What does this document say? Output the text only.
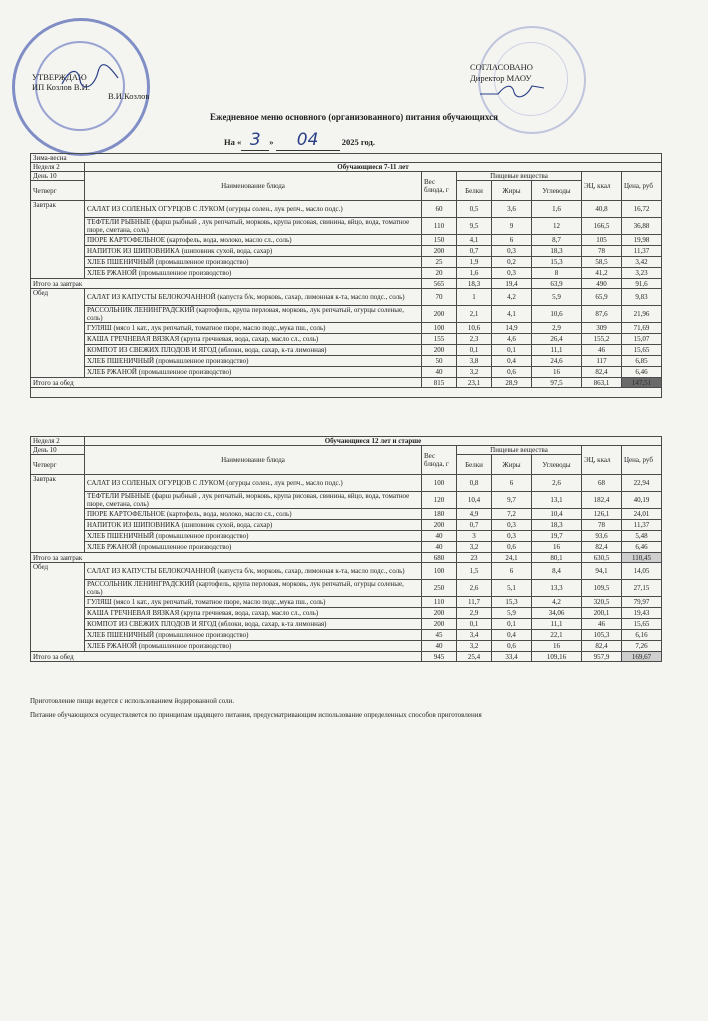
УТВЕРЖДАЮ
ИП Козлов В.И.
В.И.Козлов
СОГЛАСОВАНО
Директор МАОУ
Ежедневное меню основного (организованного) питания обучающихся
На « 3 » 04	2025 год.
Зима-весна							
Неделя 2	Обучающиеся 7-11 лет						
День 10	Наименование блюда	Вес блюда, г	Пищевые вещества			ЭЦ, ккал	Цена, руб
Четверг			Белки	Жиры	Углеводы		

Завтрак	САЛАТ ИЗ СОЛЕНЫХ ОГУРЦОВ С ЛУКОМ (огурцы солен., лук репч., масло подс.)	60	0,5	3,6	1,6	40,8	16,72
	ТЕФТЕЛИ РЫБНЫЕ (фарш рыбный , лук репчатый, морковь, крупа рисовая, свинина, яйцо, вода, томатное пюре, сметана, соль)	110	9,5	9	12	166,5	36,88
	ПЮРЕ КАРТОФЕЛЬНОЕ (картофель, вода, молоко, масло сл., соль)	150	4,1	6	8,7	105	19,98
	НАПИТОК ИЗ ШИПОВНИКА (шиповник сухой, вода, сахар)	200	0,7	0,3	18,3	78	11,37
	ХЛЕБ ПШЕНИЧНЫЙ (промышленное производство)	25	1,9	0,2	15,3	58,5	3,42
	ХЛЕБ РЖАНОЙ (промышленное производство)	20	1,6	0,3	8	41,2	3,23
Итого за завтрак		565	18,3	19,4	63,9	490	91,6
Обед	САЛАТ ИЗ КАПУСТЫ БЕЛОКОЧАННОЙ (капуста б/к, морковь, сахар, лимонная к-та, масло подс., соль)	70	1	4,2	5,9	65,9	9,83
	РАССОЛЬНИК ЛЕНИНГРАДСКИЙ (картофель, крупа перловая, морковь, лук репчатый, огурцы соленые, соль)	200	2,1	4,1	10,6	87,6	21,96
	ГУЛЯШ (мясо 1 кат., лук репчатый, томатное пюре, масло подс.,мука пш., соль)	100	10,6	14,9	2,9	309	71,69
	КАША ГРЕЧНЕВАЯ ВЯЗКАЯ (крупа гречневая, вода, сахар, масло сл., соль)	155	2,3	4,6	26,4	155,2	15,07
	КОМПОТ ИЗ СВЕЖИХ ПЛОДОВ И ЯГОД (яблоки, вода, сахар, к-та лимонная)	200	0,1	0,1	11,1	46	15,65
	ХЛЕБ ПШЕНИЧНЫЙ (промышленное производство)	50	3,8	0,4	24,6	117	6,85
	ХЛЕБ РЖАНОЙ (промышленное производство)	40	3,2	0,6	16	82,4	6,46
Итого за обед		815	23,1	28,9	97,5	863,1	147,51

Неделя 2	Обучающиеся 12 лет и старше						
День 10	Наименование блюда	Вес блюда, г	Пищевые вещества			ЭЦ, ккал	Цена, руб
Четверг			Белки	Жиры	Углеводы		

Завтрак	САЛАТ ИЗ СОЛЕНЫХ ОГУРЦОВ С ЛУКОМ (огурцы солен., лук репч., масло подс.)	100	0,8	6	2,6	68	22,94
	ТЕФТЕЛИ РЫБНЫЕ (фарш рыбный , лук репчатый, морковь, крупа рисовая, свинина, яйцо, вода, томатное пюре, сметана, соль)	120	10,4	9,7	13,1	182,4	40,19
	ПЮРЕ КАРТОФЕЛЬНОЕ (картофель, вода, молоко, масло сл., соль)	180	4,9	7,2	10,4	126,1	24,01
	НАПИТОК ИЗ ШИПОВНИКА (шиповник сухой, вода, сахар)	200	0,7	0,3	18,3	78	11,37
	ХЛЕБ ПШЕНИЧНЫЙ (промышленное производство)	40	3	0,3	19,7	93,6	5,48
	ХЛЕБ РЖАНОЙ (промышленное производство)	40	3,2	0,6	16	82,4	6,46
Итого за завтрак		680	23	24,1	80,1	630,5	110,45
Обед	САЛАТ ИЗ КАПУСТЫ БЕЛОКОЧАННОЙ (капуста б/к, морковь, сахар, лимонная к-та, масло подс., соль)	100	1,5	6	8,4	94,1	14,05
	РАССОЛЬНИК ЛЕНИНГРАДСКИЙ (картофель, крупа перловая, морковь, лук репчатый, огурцы соленые, соль)	250	2,6	5,1	13,3	109,5	27,15
	ГУЛЯШ (мясо 1 кат., лук репчатый, томатное пюре, масло подс.,мука пш., соль)	110	11,7	15,3	4,2	320,5	79,97
	КАША ГРЕЧНЕВАЯ ВЯЗКАЯ (крупа гречневая, вода, сахар, масло сл., соль)	200	2,9	5,9	34,06	200,1	19,43
	КОМПОТ ИЗ СВЕЖИХ ПЛОДОВ И ЯГОД (яблоки, вода, сахар, к-та лимонная)	200	0,1	0,1	11,1	46	15,65
	ХЛЕБ ПШЕНИЧНЫЙ (промышленное производство)	45	3,4	0,4	22,1	105,3	6,16
	ХЛЕБ РЖАНОЙ (промышленное производство)	40	3,2	0,6	16	82,4	7,26
Итого за обед		945	25,4	33,4	109,16	957,9	169,67
Приготовление пищи ведется с использованием йодированной соли.
Питание обучающихся осуществляется по принципам щадящего питания, предусматривающим использование определенных способов приготовления
